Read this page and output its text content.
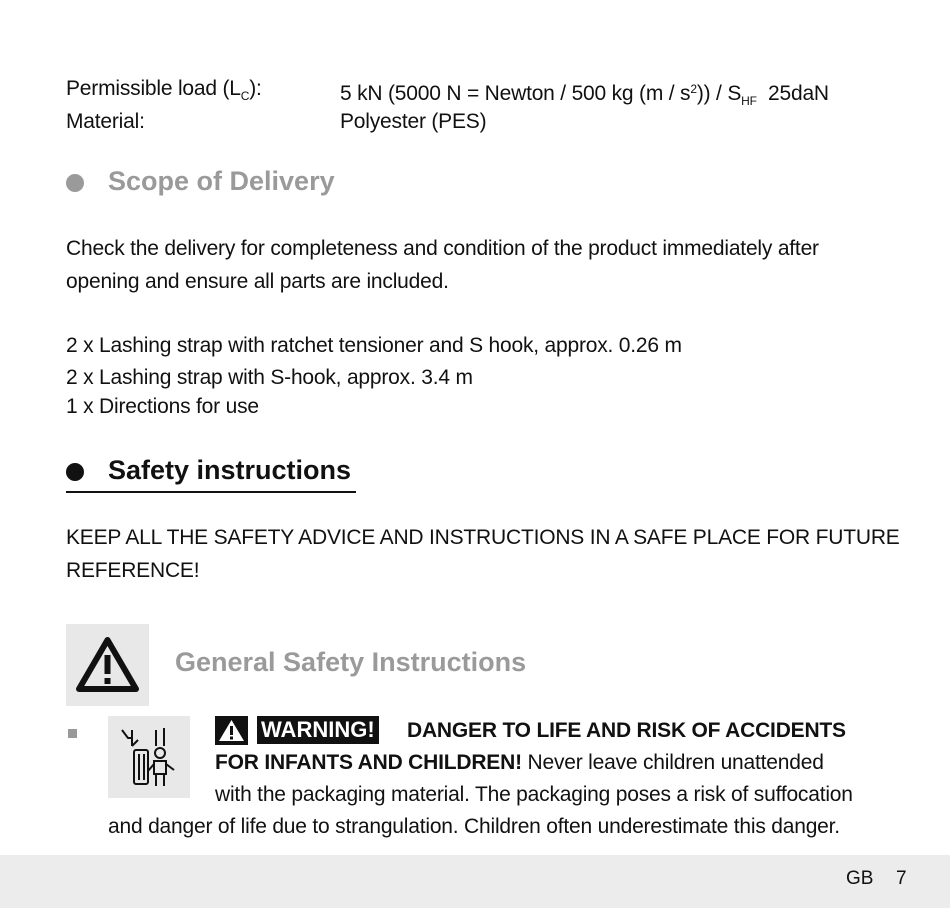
Permissible load $(L_C)$:	5 kN (5000 N = Newton / 500 kg $(m / s^2)) / S_{HF}$ 25daN
Material:	Polyester (PES)
Scope of Delivery
Check the delivery for completeness and condition of the product immediately after
opening and ensure all parts are included.
2 x Lashing strap with ratchet tensioner and S hook, approx. 0.26 m
2 x Lashing strap with S-hook, approx. 3.4 m
1 x Directions for use
Safety instructions
KEEP ALL THE SAFETY ADVICE AND INSTRUCTIONS IN A SAFE PLACE FOR FUTURE
REFERENCE!
General Safety Instructions
WARNING! DANGER TO LIFE AND RISK OF ACCIDENTS
FOR INFANTS AND CHILDREN! Never leave children unattended
with the packaging material. The packaging poses a risk of suffocation
and danger of life due to strangulation. Children often underestimate this danger.
GB 7
